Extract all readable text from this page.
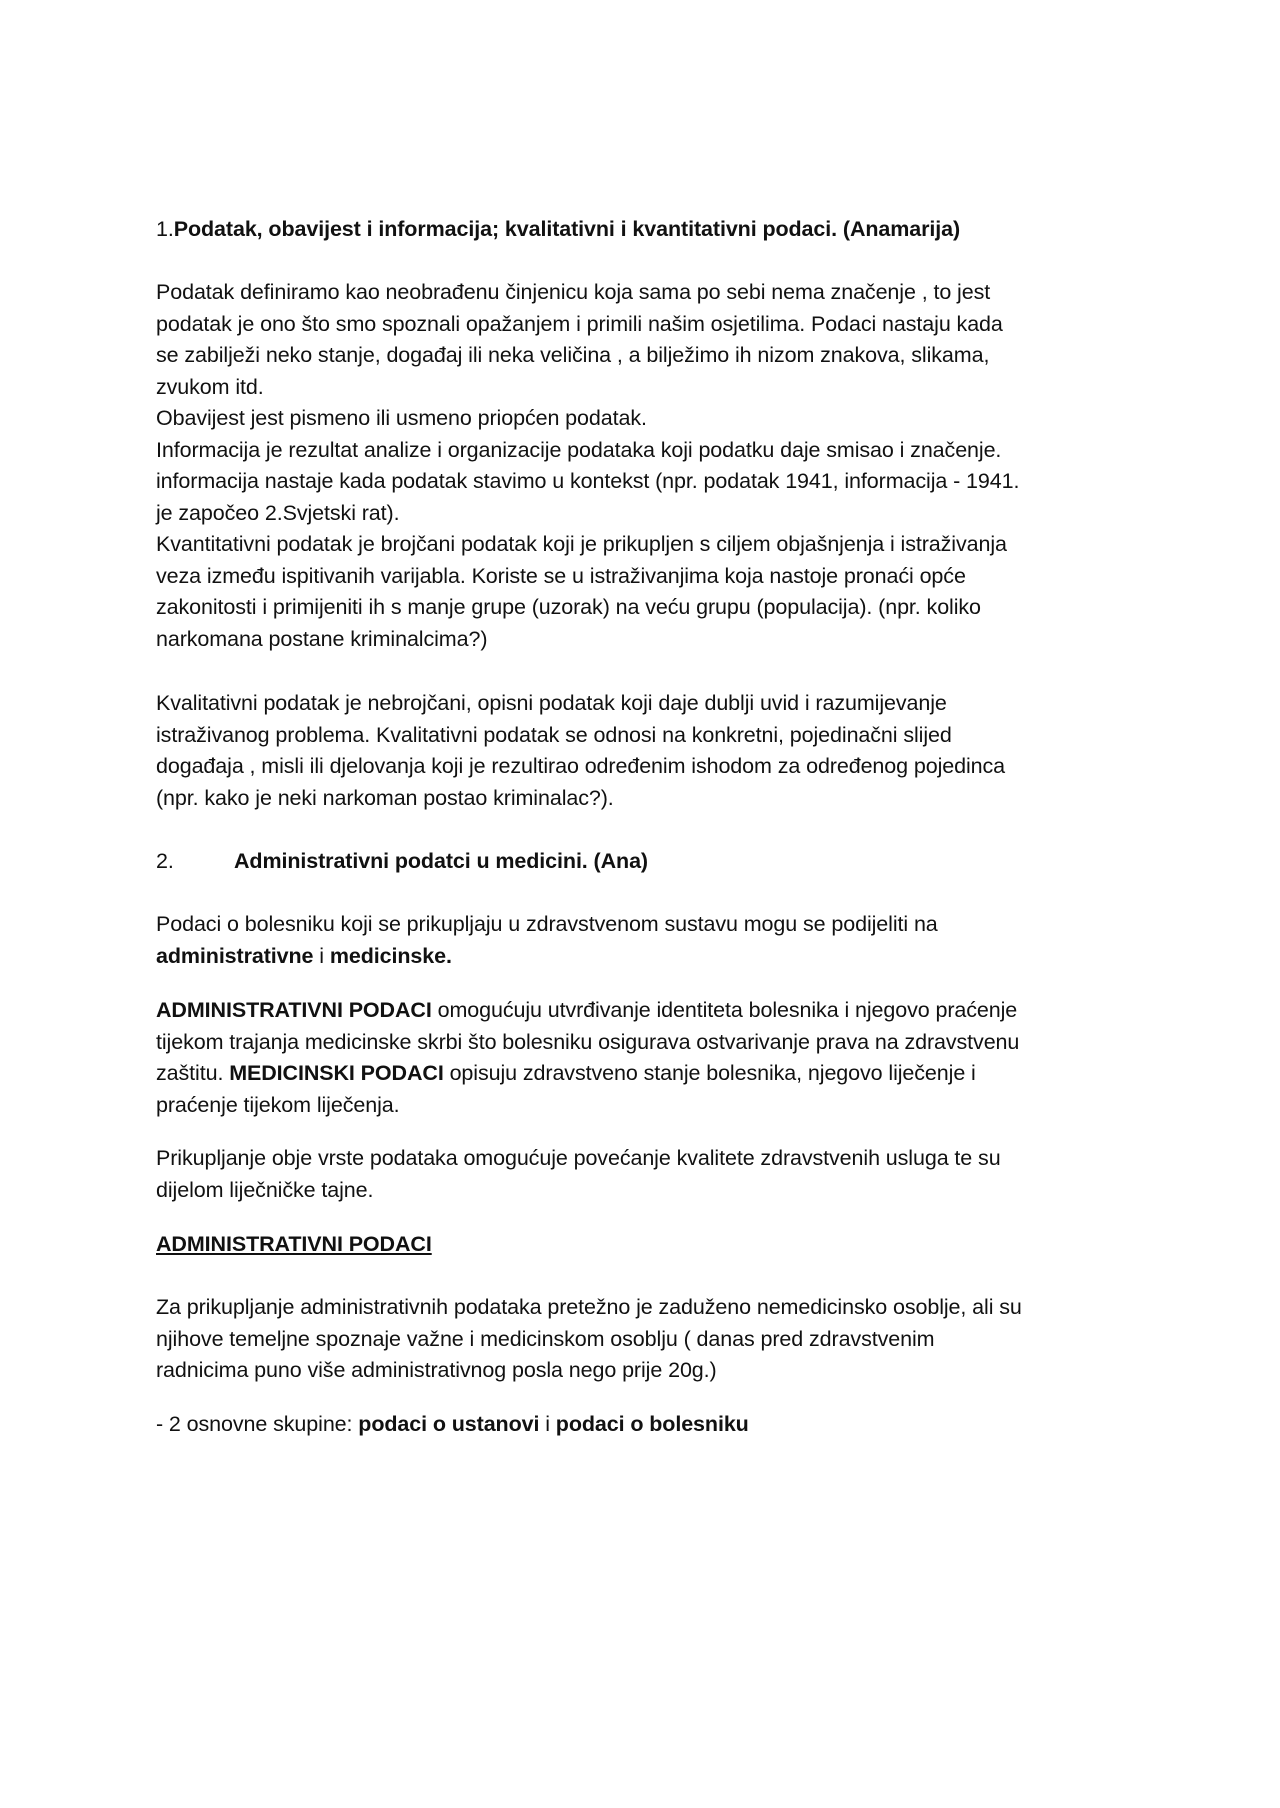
1.Podatak, obavijest i informacija; kvalitativni i kvantitativni podaci. (Anamarija)

Podatak definiramo kao neobrađenu činjenicu koja sama po sebi nema značenje , to jest

podatak je ono što smo spoznali opažanjem i primili našim osjetilima. Podaci nastaju kada

se zabilježi neko stanje, događaj ili neka veličina , a bilježimo ih nizom znakova, slikama,

zvukom itd.

Obavijest jest pismeno ili usmeno priopćen podatak.

Informacija je rezultat analize i organizacije podataka koji podatku daje smisao i značenje.

informacija nastaje kada podatak stavimo u kontekst (npr. podatak 1941, informacija - 1941.

je započeo 2.Svjetski rat).

Kvantitativni podatak je brojčani podatak koji je prikupljen s ciljem objašnjenja i istraživanja

veza između ispitivanih varijabla. Koriste se u istraživanjima koja nastoje pronaći opće

zakonitosti i primijeniti ih s manje grupe (uzorak) na veću grupu (populacija). (npr. koliko

narkomana postane kriminalcima?)

Kvalitativni podatak je nebrojčani, opisni podatak koji daje dublji uvid i razumijevanje

istraživanog problema. Kvalitativni podatak se odnosi na konkretni, pojedinačni slijed

događaja , misli ili djelovanja koji je rezultirao određenim ishodom za određenog pojedinca

(npr. kako je neki narkoman postao kriminalac?).

2.	Administrativni podatci u medicini. (Ana)

Podaci o bolesniku koji se prikupljaju u zdravstvenom sustavu mogu se podijeliti na

administrativne i medicinske.

ADMINISTRATIVNI PODACI omogućuju utvrđivanje identiteta bolesnika i njegovo praćenje

tijekom trajanja medicinske skrbi što bolesniku osigurava ostvarivanje prava na zdravstvenu

zaštitu. MEDICINSKI PODACI opisuju zdravstveno stanje bolesnika, njegovo liječenje i

praćenje tijekom liječenja.

Prikupljanje obje vrste podataka omogućuje povećanje kvalitete zdravstvenih usluga te su

dijelom liječničke tajne.

ADMINISTRATIVNI PODACI

Za prikupljanje administrativnih podataka pretežno je zaduženo nemedicinsko osoblje, ali su

njihove temeljne spoznaje važne i medicinskom osoblju ( danas pred zdravstvenim

radnicima puno više administrativnog posla nego prije 20g.)

- 2 osnovne skupine: podaci o ustanovi i podaci o bolesniku
